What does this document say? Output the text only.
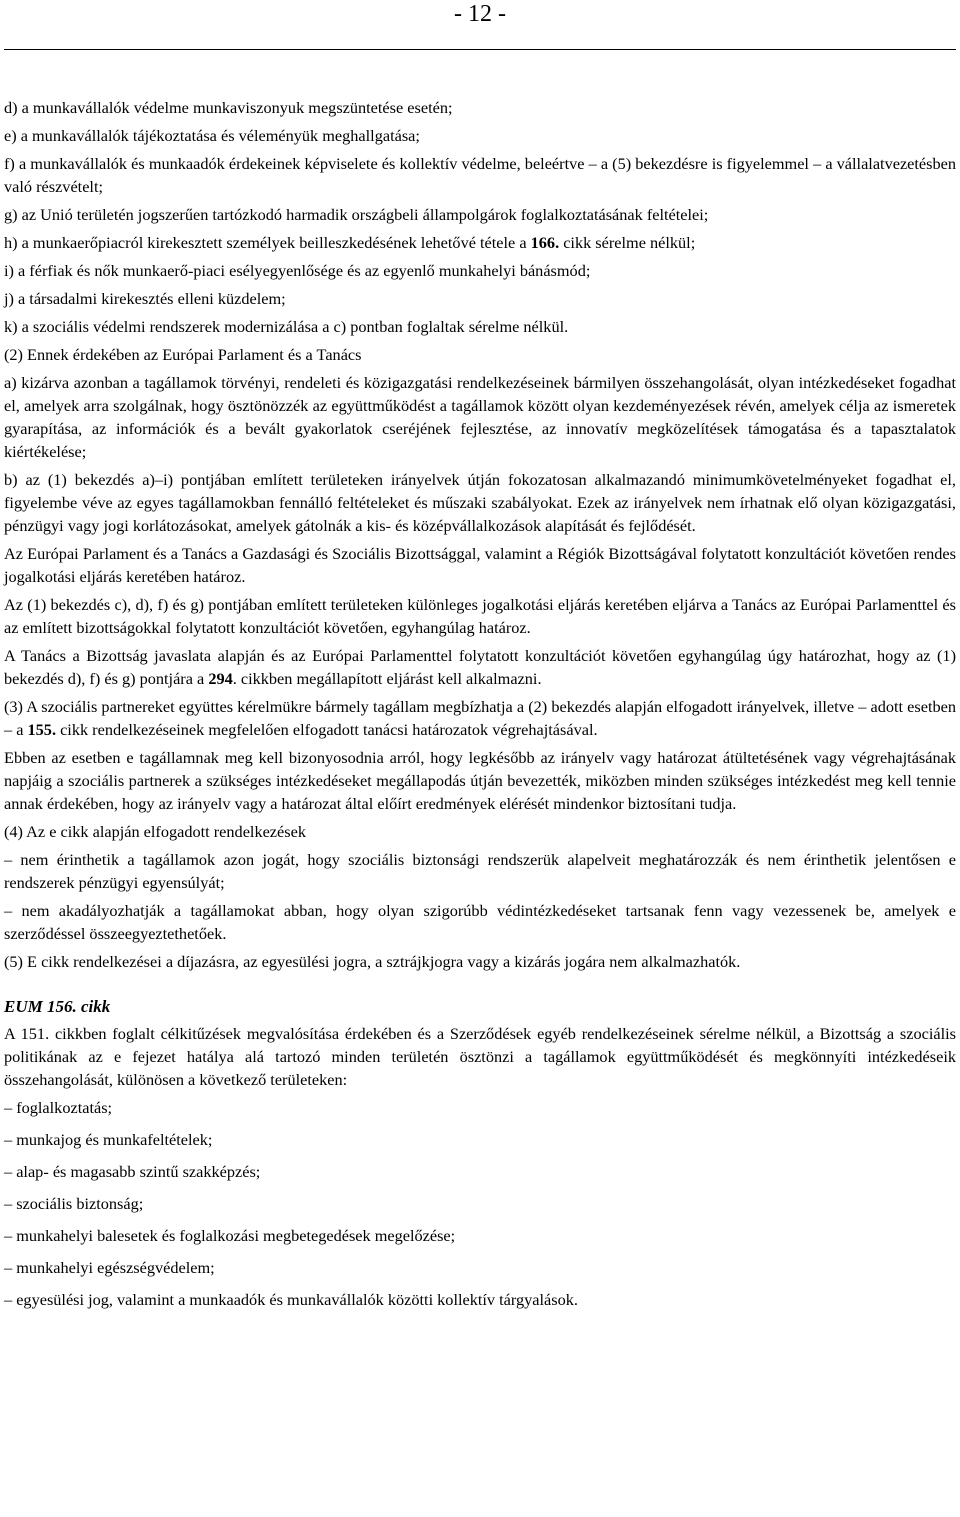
- 12 -

d) a munkavállalók védelme munkaviszonyuk megszüntetése esetén;

e) a munkavállalók tájékoztatása és véleményük meghallgatása;

f) a munkavállalók és munkaadók érdekeinek képviselete és kollektív védelme, beleértve – a (5) bekezdésre is figyelemmel – a vállalatvezetésben való részvételt;

g) az Unió területén jogszerűen tartózkodó harmadik országbeli állampolgárok foglalkoztatásának feltételei;

h) a munkaerőpiacról kirekesztett személyek beilleszkedésének lehetővé tétele a 166. cikk sérelme nélkül;

i) a férfiak és nők munkaerő-piaci esélyegyenlősége és az egyenlő munkahelyi bánásmód;

j) a társadalmi kirekesztés elleni küzdelem;

k) a szociális védelmi rendszerek modernizálása a c) pontban foglaltak sérelme nélkül.

(2) Ennek érdekében az Európai Parlament és a Tanács

a) kizárva azonban a tagállamok törvényi, rendeleti és közigazgatási rendelkezéseinek bármilyen összehangolását, olyan intézkedéseket fogadhat el, amelyek arra szolgálnak, hogy ösztönözzék az együttműködést a tagállamok között olyan kezdeményezések révén, amelyek célja az ismeretek gyarapítása, az információk és a bevált gyakorlatok cseréjének fejlesztése, az innovatív megközelítések támogatása és a tapasztalatok kiértékelése;

b) az (1) bekezdés a)–i) pontjában említett területeken irányelvek útján fokozatosan alkalmazandó minimumkövetelményeket fogadhat el, figyelembe véve az egyes tagállamokban fennálló feltételeket és műszaki szabályokat. Ezek az irányelvek nem írhatnak elő olyan közigazgatási, pénzügyi vagy jogi korlátozásokat, amelyek gátolnák a kis- és középvállalkozások alapítását és fejlődését.

Az Európai Parlament és a Tanács a Gazdasági és Szociális Bizottsággal, valamint a Régiók Bizottságával folytatott konzultációt követően rendes jogalkotási eljárás keretében határoz.

Az (1) bekezdés c), d), f) és g) pontjában említett területeken különleges jogalkotási eljárás keretében eljárva a Tanács az Európai Parlamenttel és az említett bizottságokkal folytatott konzultációt követően, egyhangúlag határoz.

A Tanács a Bizottság javaslata alapján és az Európai Parlamenttel folytatott konzultációt követően egyhangúlag úgy határozhat, hogy az (1) bekezdés d), f) és g) pontjára a 294. cikkben megállapított eljárást kell alkalmazni.

(3) A szociális partnereket együttes kérelmükre bármely tagállam megbízhatja a (2) bekezdés alapján elfogadott irányelvek, illetve – adott esetben – a 155. cikk rendelkezéseinek megfelelően elfogadott tanácsi határozatok végrehajtásával.

Ebben az esetben e tagállamnak meg kell bizonyosodnia arról, hogy legkésőbb az irányelv vagy határozat átültetésének vagy végrehajtásának napjáig a szociális partnerek a szükséges intézkedéseket megállapodás útján bevezették, miközben minden szükséges intézkedést meg kell tennie annak érdekében, hogy az irányelv vagy a határozat által előírt eredmények elérését mindenkor biztosítani tudja.

(4) Az e cikk alapján elfogadott rendelkezések

– nem érinthetik a tagállamok azon jogát, hogy szociális biztonsági rendszerük alapelveit meghatározzák és nem érinthetik jelentősen e rendszerek pénzügyi egyensúlyát;

– nem akadályozhatják a tagállamokat abban, hogy olyan szigorúbb védintézkedéseket tartsanak fenn vagy vezessenek be, amelyek e szerződéssel összeegyeztethetőek.

(5) E cikk rendelkezései a díjazásra, az egyesülési jogra, a sztrájkjogra vagy a kizárás jogára nem alkalmazhatók.

EUM 156. cikk

A 151. cikkben foglalt célkitűzések megvalósítása érdekében és a Szerződések egyéb rendelkezéseinek sérelme nélkül, a Bizottság a szociális politikának az e fejezet hatálya alá tartozó minden területén ösztönzi a tagállamok együttműködését és megkönnyíti intézkedéseik összehangolását, különösen a következő területeken:

– foglalkoztatás;

– munkajog és munkafeltételek;

– alap- és magasabb szintű szakképzés;

– szociális biztonság;

– munkahelyi balesetek és foglalkozási megbetegedések megelőzése;

– munkahelyi egészségvédelem;

– egyesülési jog, valamint a munkaadók és munkavállalók közötti kollektív tárgyalások.
